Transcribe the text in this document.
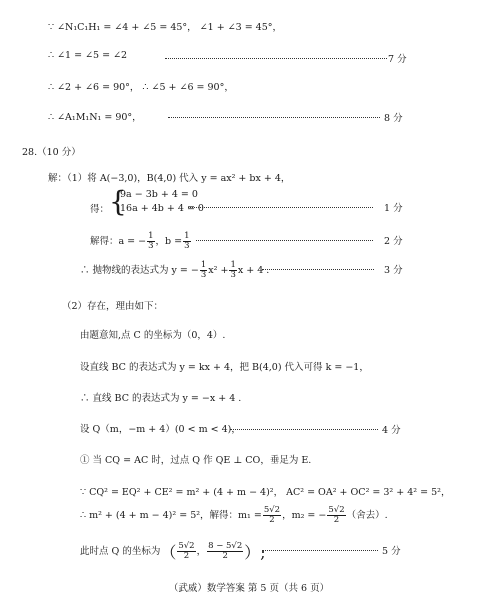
∵ ∠N₁C₁H₁ = ∠4 + ∠5 = 45°， ∠1 + ∠3 = 45°，
∴ ∠1 = ∠5 = ∠2	7 分
∴ ∠2 + ∠6 = 90°， ∴ ∠5 + ∠6 = 90°，
∴ ∠A₁M₁N₁ = 90°，	8 分
28.（10 分）
解：（1）将 A(−3,0)，B(4,0) 代入 y = ax² + bx + 4，
得： {
9a − 3b + 4 = 0
16a + 4b + 4 = 0	1 分
解得：a = − $\frac{1}{3}$ ，$b = \frac{1}{3}$	2 分
∴ 抛物线的表达式为 y = − $\frac{1}{3} x^2 + \frac{1}{3}$ x + 4 .	3 分
（2）存在，理由如下：
由题意知,点 C 的坐标为（0，4）.
设直线 BC 的表达式为 y = kx + 4，把 B(4,0) 代入可得 k = −1，
∴ 直线 BC 的表达式为 y = −x + 4 .
设 Q（m，−m + 4）(0 < m < 4)，	4 分
① 当 CQ = AC 时，过点 Q 作 QE ⊥ CO，垂足为 E.
∵ CQ² = EQ² + CE² = m² + (4 + m − 4)²， AC² = OA² + OC² = 3² + 4² = 5²，
∴ m² + (4 + m − 4)² = 5²，解得：$m_1 = \frac{5√2}{2}$ ，m₂ = − $\frac{5√2}{2}$ （舍去）.
此时点 Q 的坐标为（ $\frac{5√2}{2}$ ， $\frac{8 - 5√2}{2}$ ）;	5 分
（武威）数学答案 第 5 页（共 6 页）
